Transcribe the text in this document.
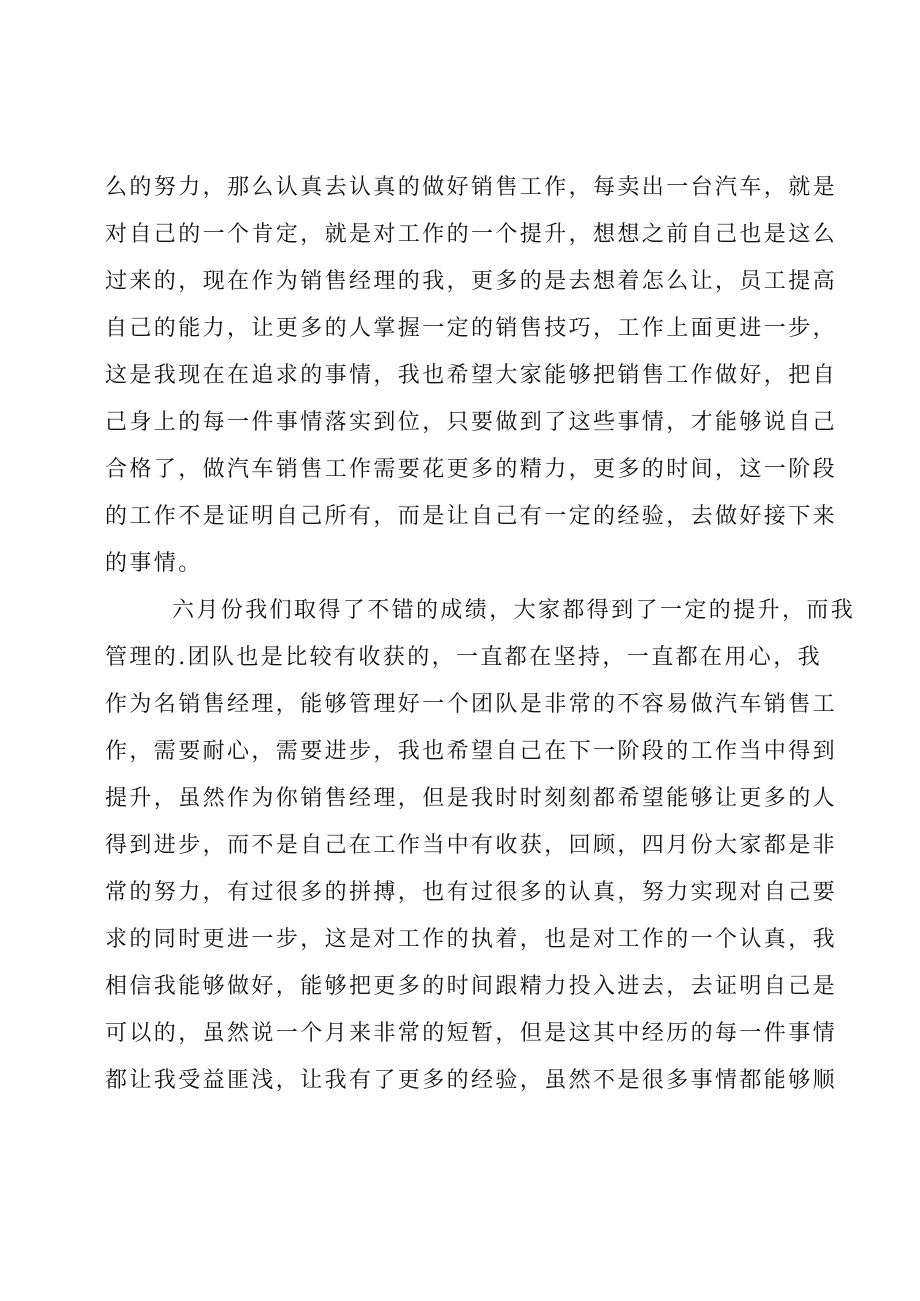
么的努力，那么认真去认真的做好销售工作，每卖出一台汽车，就是
对自己的一个肯定，就是对工作的一个提升，想想之前自己也是这么
过来的，现在作为销售经理的我，更多的是去想着怎么让，员工提高
自己的能力，让更多的人掌握一定的销售技巧，工作上面更进一步，
这是我现在在追求的事情，我也希望大家能够把销售工作做好，把自
己身上的每一件事情落实到位，只要做到了这些事情，才能够说自己
合格了，做汽车销售工作需要花更多的精力，更多的时间，这一阶段
的工作不是证明自己所有，而是让自己有一定的经验，去做好接下来
的事情。
六月份我们取得了不错的成绩，大家都得到了一定的提升，而我
管理的.团队也是比较有收获的，一直都在坚持，一直都在用心，我
作为名销售经理，能够管理好一个团队是非常的不容易做汽车销售工
作，需要耐心，需要进步，我也希望自己在下一阶段的工作当中得到
提升，虽然作为你销售经理，但是我时时刻刻都希望能够让更多的人
得到进步，而不是自己在工作当中有收获，回顾，四月份大家都是非
常的努力，有过很多的拼搏，也有过很多的认真，努力实现对自己要
求的同时更进一步，这是对工作的执着，也是对工作的一个认真，我
相信我能够做好，能够把更多的时间跟精力投入进去，去证明自己是
可以的，虽然说一个月来非常的短暂，但是这其中经历的每一件事情
都让我受益匪浅，让我有了更多的经验，虽然不是很多事情都能够顺
